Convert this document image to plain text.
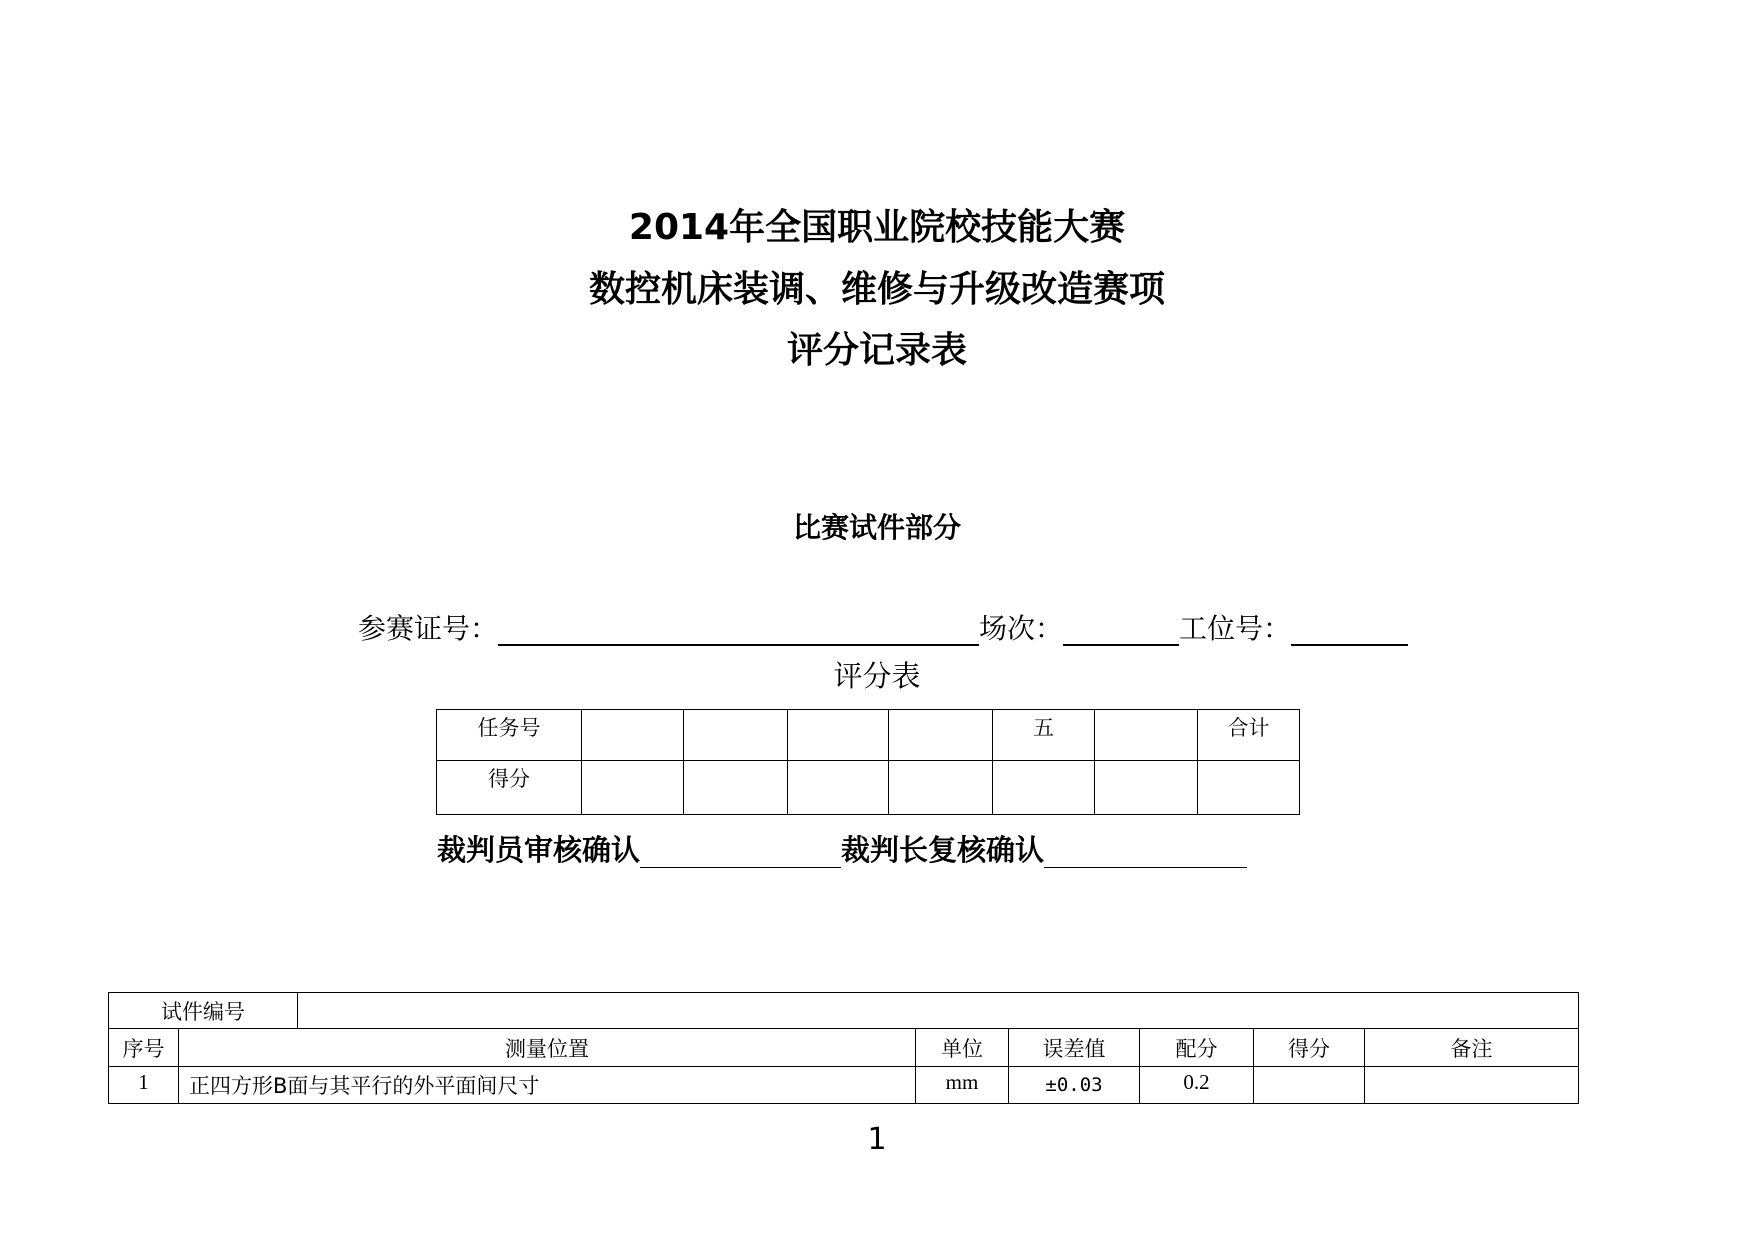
2014年全国职业院校技能大赛
数控机床装调、维修与升级改造赛项
评分记录表
比赛试件部分
参赛证号：	场次：	工位号：
评分表
任务号					五		合计
得分							
裁判员审核确认	裁判长复核确认
试件编号							
序号	测量位置		单位	误差值	配分	得分	备注
1	正四方形B面与其平行的外平面间尺寸		mm	±0.03	0.2		
1
